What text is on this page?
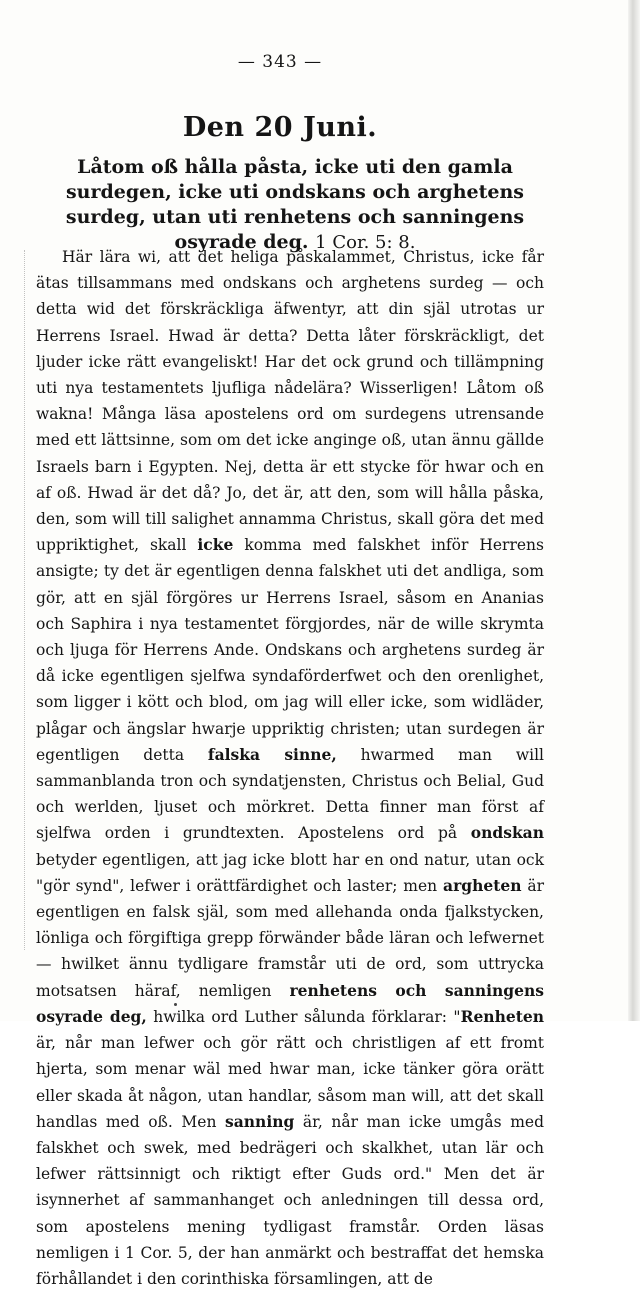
— 343 —
Den 20 Juni.
Låtom oß hålla påsta, icke uti den gamla surdegen, icke uti ondskans och arghetens surdeg, utan uti renhetens och sanningens osyrade deg. 1 Cor. 5: 8.
Här lära wi, att det heliga påskalammet, Christus, icke får ätas tillsammans med ondskans och arghetens surdeg — och detta wid det förskräckliga äfwentyr, att din själ utrotas ur Herrens Israel. Hwad är detta? Detta låter förskräckligt, det ljuder icke rätt evangeliskt! Har det ock grund och tillämpning uti nya testamentets ljufliga nådelära? Wisserligen! Låtom oß wakna! Många läsa apostelens ord om surdegens utrensande med ett lättsinne, som om det icke anginge oß, utan ännu gällde Israels barn i Egypten. Nej, detta är ett stycke för hwar och en af oß. Hwad är det då? Jo, det är, att den, som will hålla påska, den, som will till salighet annamma Christus, skall göra det med uppriktighet, skall icke komma med falskhet inför Herrens ansigte; ty det är egentligen denna falskhet uti det andliga, som gör, att en själ förgöres ur Herrens Israel, såsom en Ananias och Saphira i nya testamentet förgjordes, när de wille skrymta och ljuga för Herrens Ande. Ondskans och arghetens surdeg är då icke egentligen sjelfwa syndaförderfwet och den orenlighet, som ligger i kött och blod, om jag will eller icke, som widläder, plågar och ängslar hwarje uppriktig christen; utan surdegen är egentligen detta falska sinne, hwarmed man will sammanblanda tron och syndatjensten, Christus och Belial, Gud och werlden, ljuset och mörkret. Detta finner man först af sjelfwa orden i grundtexten. Apostelens ord på ondskan betyder egentligen, att jag icke blott har en ond natur, utan ock "gör synd", lefwer i orättfärdighet och laster; men argheten är egentligen en falsk själ, som med allehanda onda fjalkstycken, lönliga och förgiftiga grepp förwänder både läran och lefwernet — hwilket ännu tydligare framstår uti de ord, som uttrycka motsatsen häraf, nemligen renhetens och sanningens osyrade deg, hwilka ord Luther sålunda förklarar: "Renheten är, når man lefwer och gör rätt och christligen af ett fromt hjerta, som menar wäl med hwar man, icke tänker göra orätt eller skada åt någon, utan handlar, såsom man will, att det skall handlas med oß. Men sanning är, når man icke umgås med falskhet och swek, med bedrägeri och skalkhet, utan lär och lefwer rättsinnigt och riktigt efter Guds ord." Men det är isynnerhet af sammanhanget och anledningen till dessa ord, som apostelens mening tydligast framstår. Orden läsas nemligen i 1 Cor. 5, der han anmärkt och bestraffat det hemska förhållandet i den corinthiska församlingen, att de
